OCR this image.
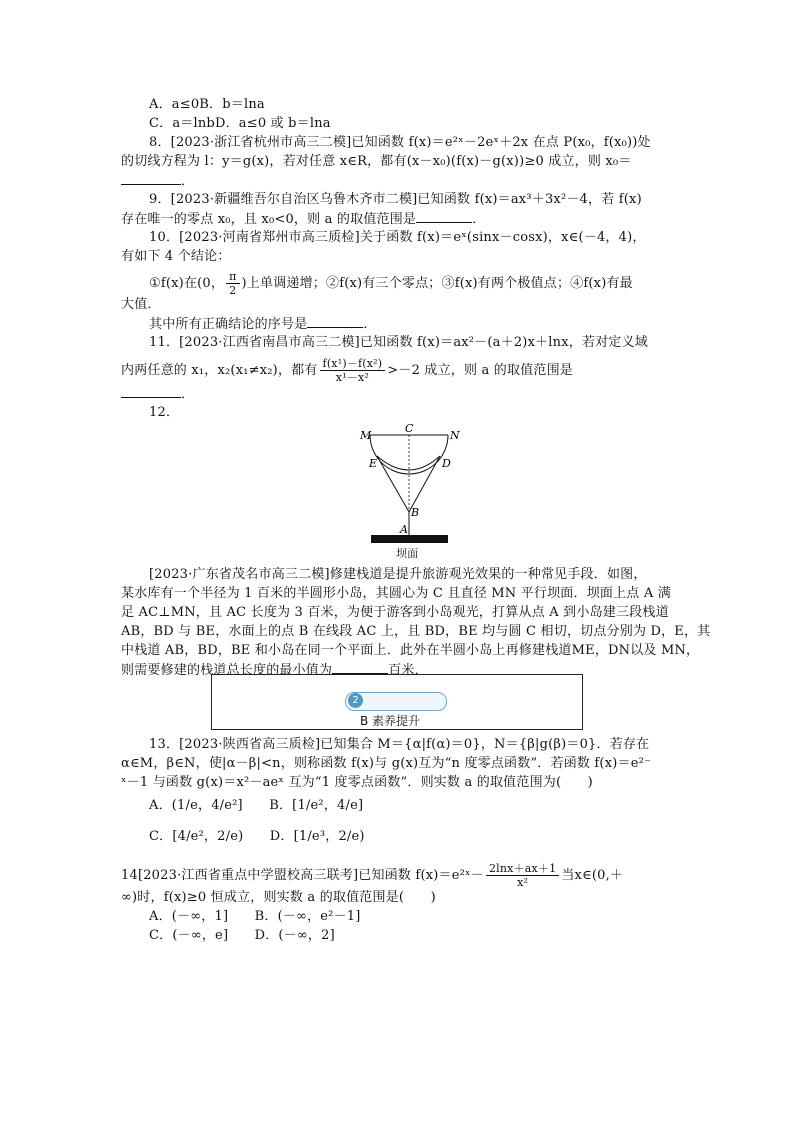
A．a≤0B．b＝lna
C．a＝lnbD．a≤0 或 b＝lna
8．[2023·浙江省杭州市高三二模]已知函数 f(x)＝e²ˣ－2eˣ＋2x 在点 P(x₀，f(x₀))处
的切线方程为 l：y＝g(x)，若对任意 x∈R，都有(x－x₀)(f(x)－g(x))≥0 成立，则 x₀＝
．
9．[2023·新疆维吾尔自治区乌鲁木齐市二模]已知函数 f(x)＝ax³＋3x²－4，若 f(x)
存在唯一的零点 x₀，且 x₀<0，则 a 的取值范围是	．
10．[2023·河南省郑州市高三质检]关于函数 f(x)＝eˣ(sinx－cosx)，x∈(－4，4)，
有如下 4 个结论：
①f(x)在(0， $\frac{\pi}{2}$ )上单调递增；②f(x)有三个零点；③f(x)有两个极值点；④f(x)有最
大值．
其中所有正确结论的序号是	．
11．[2023·江西省南昌市高三二模]已知函数 f(x)＝ax²－(a＋2)x＋lnx，若对定义域
内两任意的 x₁，x₂(x₁≠x₂)，都有 $\frac{\text{f(x¹)－f(x²)}}{\text{x¹－x²}} >-2$ 成立，则 a 的取值范围是
．
12．
M
C
N
E	D
B
A
坝面
[2023·广东省茂名市高三二模]修建栈道是提升旅游观光效果的一种常见手段．如图，
某水库有一个半径为 1 百米的半圆形小岛，其圆心为 C 且直径 MN 平行坝面．坝面上点 A 满
足 AC⊥MN，且 AC 长度为 3 百米，为便于游客到小岛观光，打算从点 A 到小岛建三段栈道
AB，BD 与 BE，水面上的点 B 在线段 AC 上，且 BD，BE 均与圆 C 相切，切点分别为 D，E，其
中栈道 AB，BD，BE 和小岛在同一个平面上．此外在半圆小岛上再修建栈道ME，DN以及 MN，
则需要修建的栈道总长度的最小值为	百米．
2
B 素养提升
13．[2023·陕西省高三质检]已知集合 M＝{α|f(α)＝0}，N＝{β|g(β)＝0}．若存在
α∈M，β∈N，使|α－β|<n，则称函数 f(x)与 g(x)互为“n 度零点函数”．若函数 f(x)＝e²⁻
ˣ－1 与函数 g(x)＝x²－aeˣ 互为“1 度零点函数”．则实数 a 的取值范围为(　　)
A．(1/e，4/e²]　　B．[1/e²，4/e]
C．[4/e²，2/e)　　D．[1/e³，2/e)
14[2023·江西省重点中学盟校高三联考]已知函数 f(x)＝e²ˣ－ $\frac{2\ln x+ax+1}{\text{x²}}$ 当x∈(0,＋
∞)时，f(x)≥0 恒成立，则实数 a 的取值范围是(　　)
A．(－∞，1]　　B．(－∞，e²－1]
C．(－∞，e]　　D．(－∞，2]
